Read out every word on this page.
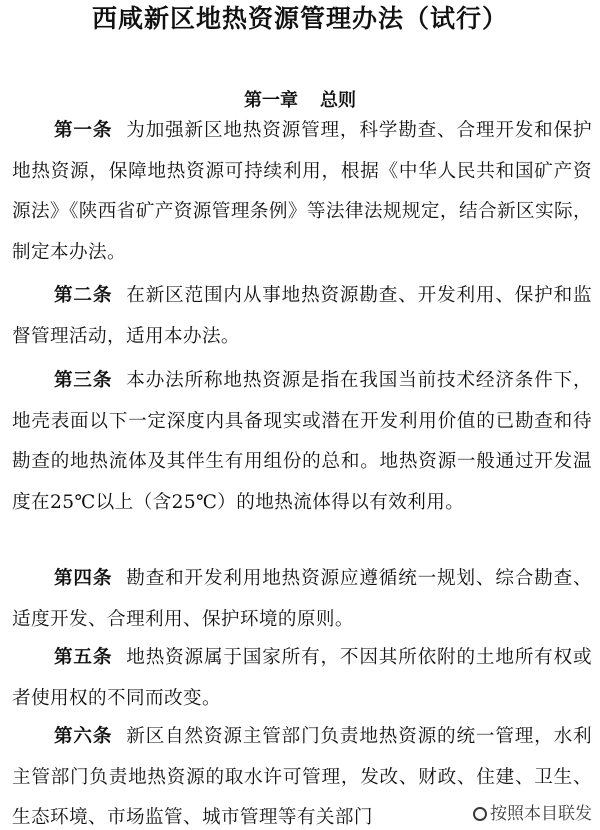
西咸新区地热资源管理办法（试行）
第一章 总则

第一条 为加强新区地热资源管理，科学勘查、合理开发和保护地热资源，保障地热资源可持续利用，根据《中华人民共和国矿产资源法》《陕西省矿产资源管理条例》等法律法规规定，结合新区实际，制定本办法。

第二条 在新区范围内从事地热资源勘查、开发利用、保护和监督管理活动，适用本办法。

第三条 本办法所称地热资源是指在我国当前技术经济条件下，地壳表面以下一定深度内具备现实或潜在开发利用价值的已勘查和待勘查的地热流体及其伴生有用组份的总和。地热资源一般通过开发温度在25℃以上（含25℃）的地热流体得以有效利用。

第四条 勘查和开发利用地热资源应遵循统一规划、综合勘查、适度开发、合理利用、保护环境的原则。

第五条 地热资源属于国家所有，不因其所依附的土地所有权或者使用权的不同而改变。

第六条 新区自然资源主管部门负责地热资源的统一管理，水利主管部门负责地热资源的取水许可管理，发改、财政、住建、卫生、生态环境、市场监管、城市管理等有关部门	按照本目联发
